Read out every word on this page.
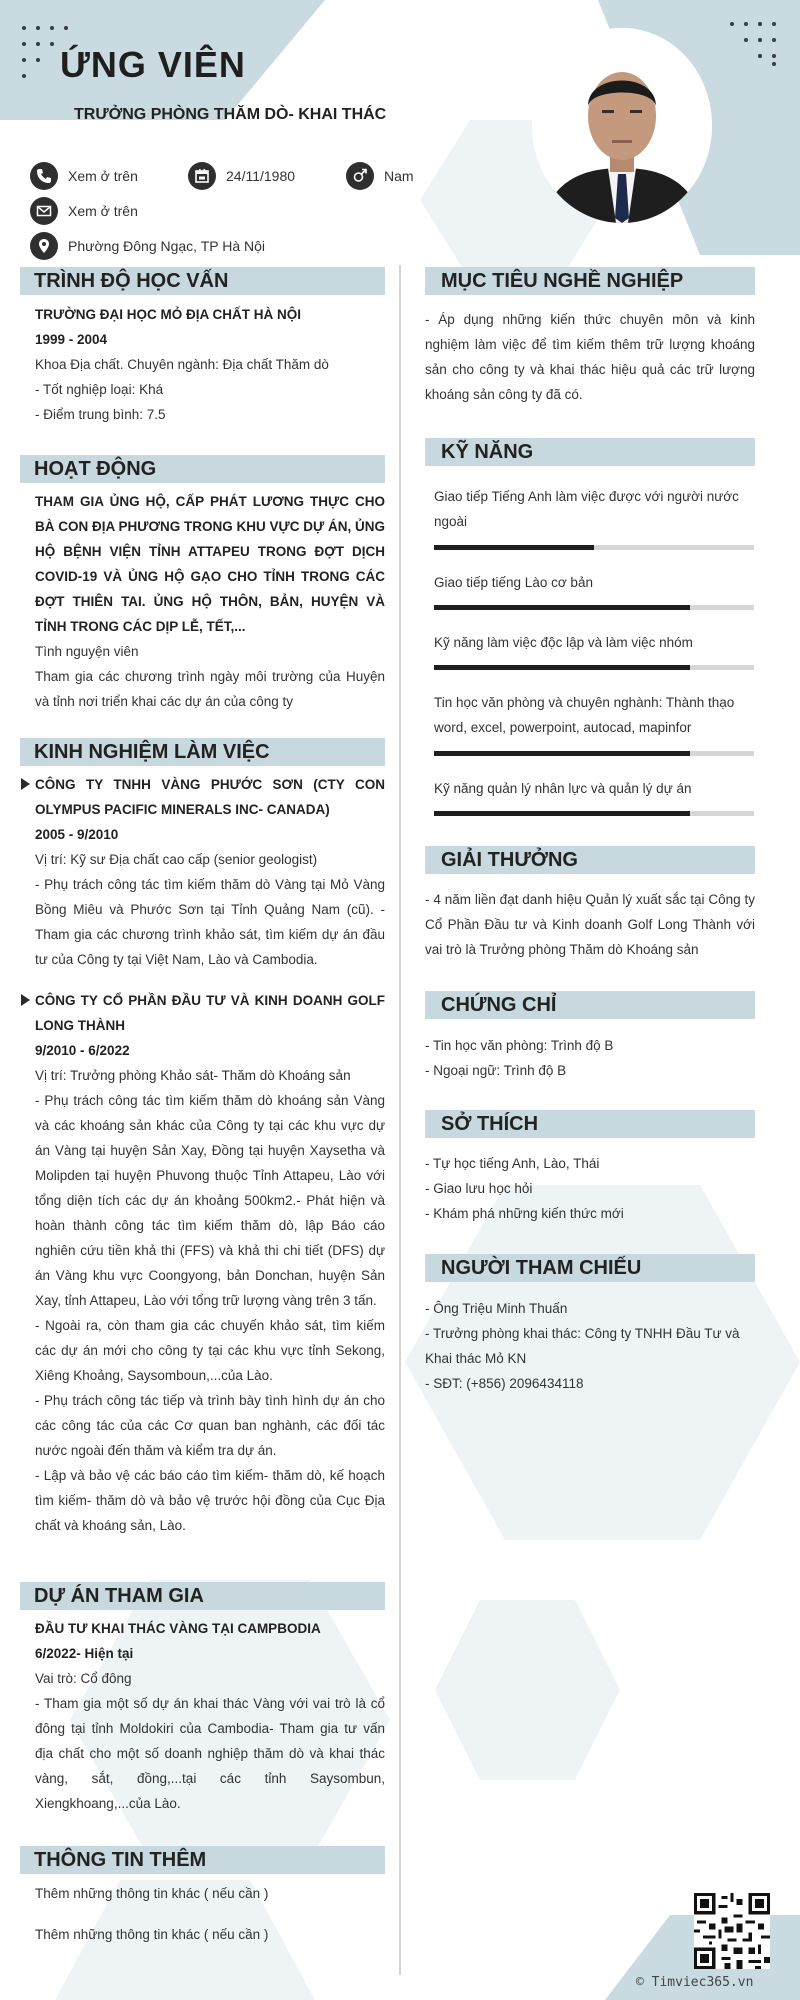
ỨNG VIÊN
TRƯỞNG PHÒNG THĂM DÒ- KHAI THÁC
Xem ở trên	24/11/1980	Nam
Xem ở trên
Phường Đông Ngạc, TP Hà Nội
TRÌNH ĐỘ HỌC VẤN

TRƯỜNG ĐẠI HỌC MỎ ĐỊA CHẤT HÀ NỘI

1999 - 2004

Khoa Địa chất. Chuyên ngành: Địa chất Thăm dò

- Tốt nghiệp loại: Khá

- Điểm trung bình: 7.5

HOẠT ĐỘNG

THAM GIA ỦNG HỘ, CẤP PHÁT LƯƠNG THỰC CHO BÀ CON ĐỊA PHƯƠNG TRONG KHU VỰC DỰ ÁN, ỦNG HỘ BỆNH VIỆN TỈNH ATTAPEU TRONG ĐỢT DỊCH COVID-19 VÀ ỦNG HỘ GẠO CHO TỈNH TRONG CÁC ĐỢT THIÊN TAI. ỦNG HỘ THÔN, BẢN, HUYỆN VÀ TỈNH TRONG CÁC DỊP LỄ, TẾT,...

Tình nguyện viên

Tham gia các chương trình ngày môi trường của Huyện và tỉnh nơi triển khai các dự án của công ty

KINH NGHIỆM LÀM VIỆC

CÔNG TY TNHH VÀNG PHƯỚC SƠN (CTY CON OLYMPUS PACIFIC MINERALS INC- CANADA)

2005 - 9/2010

Vị trí: Kỹ sư Địa chất cao cấp (senior geologist)

- Phụ trách công tác tìm kiếm thăm dò Vàng tại Mỏ Vàng Bồng Miêu và Phước Sơn tại Tỉnh Quảng Nam (cũ). - Tham gia các chương trình khảo sát, tìm kiếm dự án đầu tư của Công ty tại Việt Nam, Lào và Cambodia.

CÔNG TY CỔ PHẦN ĐẦU TƯ VÀ KINH DOANH GOLF LONG THÀNH

9/2010 - 6/2022

Vị trí: Trưởng phòng Khảo sát- Thăm dò Khoáng sản

- Phụ trách công tác tìm kiếm thăm dò khoáng sản Vàng và các khoáng sản khác của Công ty tại các khu vực dự án Vàng tại huyện Sản Xay, Đồng tại huyện Xaysetha và Molipden tại huyện Phuvong thuộc Tỉnh Attapeu, Lào với tổng diện tích các dự án khoảng 500km2.- Phát hiện và hoàn thành công tác tìm kiếm thăm dò, lập Báo cáo nghiên cứu tiền khả thi (FFS) và khả thi chi tiết (DFS) dự án Vàng khu vực Coongyong, bản Donchan, huyện Sản Xay, tỉnh Attapeu, Lào với tổng trữ lượng vàng trên 3 tấn.

- Ngoài ra, còn tham gia các chuyến khảo sát, tìm kiếm các dự án mới cho công ty tại các khu vực tỉnh Sekong, Xiêng Khoảng, Saysomboun,...của Lào.

- Phụ trách công tác tiếp và trình bày tình hình dự án cho các công tác của các Cơ quan ban nghành, các đối tác nước ngoài đến thăm và kiểm tra dự án.

- Lập và bảo vệ các báo cáo tìm kiếm- thăm dò, kế hoạch tìm kiếm- thăm dò và bảo vệ trước hội đồng của Cục Địa chất và khoáng sản, Lào.

DỰ ÁN THAM GIA

ĐẦU TƯ KHAI THÁC VÀNG TẠI CAMPBODIA

6/2022- Hiện tại

Vai trò: Cổ đông

- Tham gia một số dự án khai thác Vàng với vai trò là cổ đông tại tỉnh Moldokiri của Cambodia- Tham gia tư vấn địa chất cho một số doanh nghiệp thăm dò và khai thác vàng, sắt, đồng,...tại các tỉnh Saysombun, Xiengkhoang,...của Lào.

THÔNG TIN THÊM
Thêm những thông tin khác ( nếu cần )
Thêm những thông tin khác ( nếu cần )
MỤC TIÊU NGHỀ NGHIỆP
- Áp dụng những kiến thức chuyên môn và kinh nghiệm làm việc để tìm kiếm thêm trữ lượng khoáng sản cho công ty và khai thác hiệu quả các trữ lượng khoáng sản công ty đã có.
KỸ NĂNG
Giao tiếp Tiếng Anh làm việc được với người nước ngoài
Giao tiếp tiếng Lào cơ bản
Kỹ năng làm việc độc lập và làm việc nhóm
Tin học văn phòng và chuyên nghành: Thành thạo word, excel, powerpoint, autocad, mapinfor
Kỹ năng quản lý nhân lực và quản lý dự án
GIẢI THƯỞNG
- 4 năm liền đạt danh hiệu Quản lý xuất sắc tại Công ty Cổ Phần Đầu tư và Kinh doanh Golf Long Thành với vai trò là Trưởng phòng Thăm dò Khoáng sản
CHỨNG CHỈ

- Tin học văn phòng: Trình độ B

- Ngoại ngữ: Trình độ B

SỞ THÍCH

- Tự học tiếng Anh, Lào, Thái

- Giao lưu học hỏi

- Khám phá những kiến thức mới

NGƯỜI THAM CHIẾU

- Ông Triệu Minh Thuấn

- Trưởng phòng khai thác: Công ty TNHH Đầu Tư và Khai thác Mỏ KN

- SĐT: (+856) 2096434118

© Timviec365.vn
